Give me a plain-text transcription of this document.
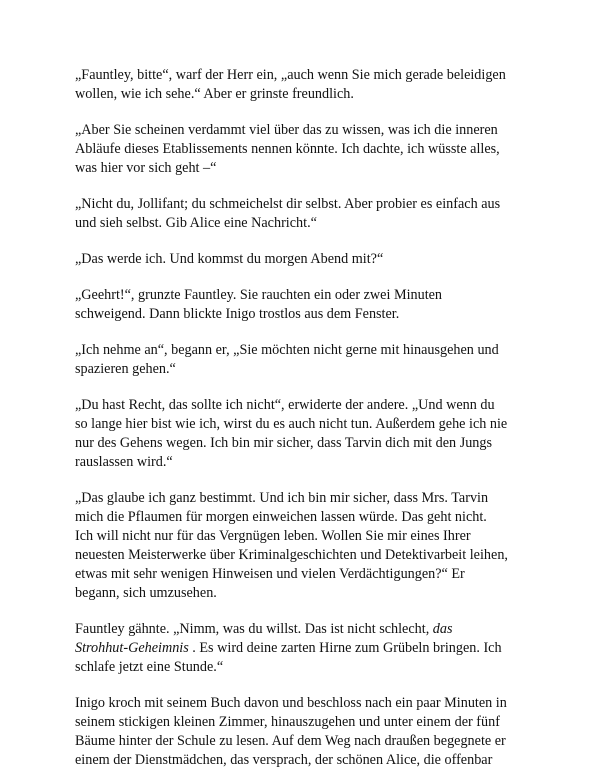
„Fauntley, bitte“, warf der Herr ein, „auch wenn Sie mich gerade beleidigen
wollen, wie ich sehe.“ Aber er grinste freundlich.

„Aber Sie scheinen verdammt viel über das zu wissen, was ich die inneren
Abläufe dieses Etablissements nennen könnte. Ich dachte, ich wüsste alles,
was hier vor sich geht –“

„Nicht du, Jollifant; du schmeichelst dir selbst. Aber probier es einfach aus
und sieh selbst. Gib Alice eine Nachricht.“

„Das werde ich. Und kommst du morgen Abend mit?“

„Geehrt!“, grunzte Fauntley. Sie rauchten ein oder zwei Minuten
schweigend. Dann blickte Inigo trostlos aus dem Fenster.

„Ich nehme an“, begann er, „Sie möchten nicht gerne mit hinausgehen und
spazieren gehen.“

„Du hast Recht, das sollte ich nicht“, erwiderte der andere. „Und wenn du
so lange hier bist wie ich, wirst du es auch nicht tun. Außerdem gehe ich nie
nur des Gehens wegen. Ich bin mir sicher, dass Tarvin dich mit den Jungs
rauslassen wird.“

„Das glaube ich ganz bestimmt. Und ich bin mir sicher, dass Mrs. Tarvin
mich die Pflaumen für morgen einweichen lassen würde. Das geht nicht.
Ich will nicht nur für das Vergnügen leben. Wollen Sie mir eines Ihrer
neuesten Meisterwerke über Kriminalgeschichten und Detektivarbeit leihen,
etwas mit sehr wenigen Hinweisen und vielen Verdächtigungen?“ Er
begann, sich umzusehen.

Fauntley gähnte. „Nimm, was du willst. Das ist nicht schlecht, das
Strohhut-Geheimnis . Es wird deine zarten Hirne zum Grübeln bringen. Ich
schlafe jetzt eine Stunde.“

Inigo kroch mit seinem Buch davon und beschloss nach ein paar Minuten in
seinem stickigen kleinen Zimmer, hinauszugehen und unter einem der fünf
Bäume hinter der Schule zu lesen. Auf dem Weg nach draußen begegnete er
einem der Dienstmädchen, das versprach, der schönen Alice, die offenbar
